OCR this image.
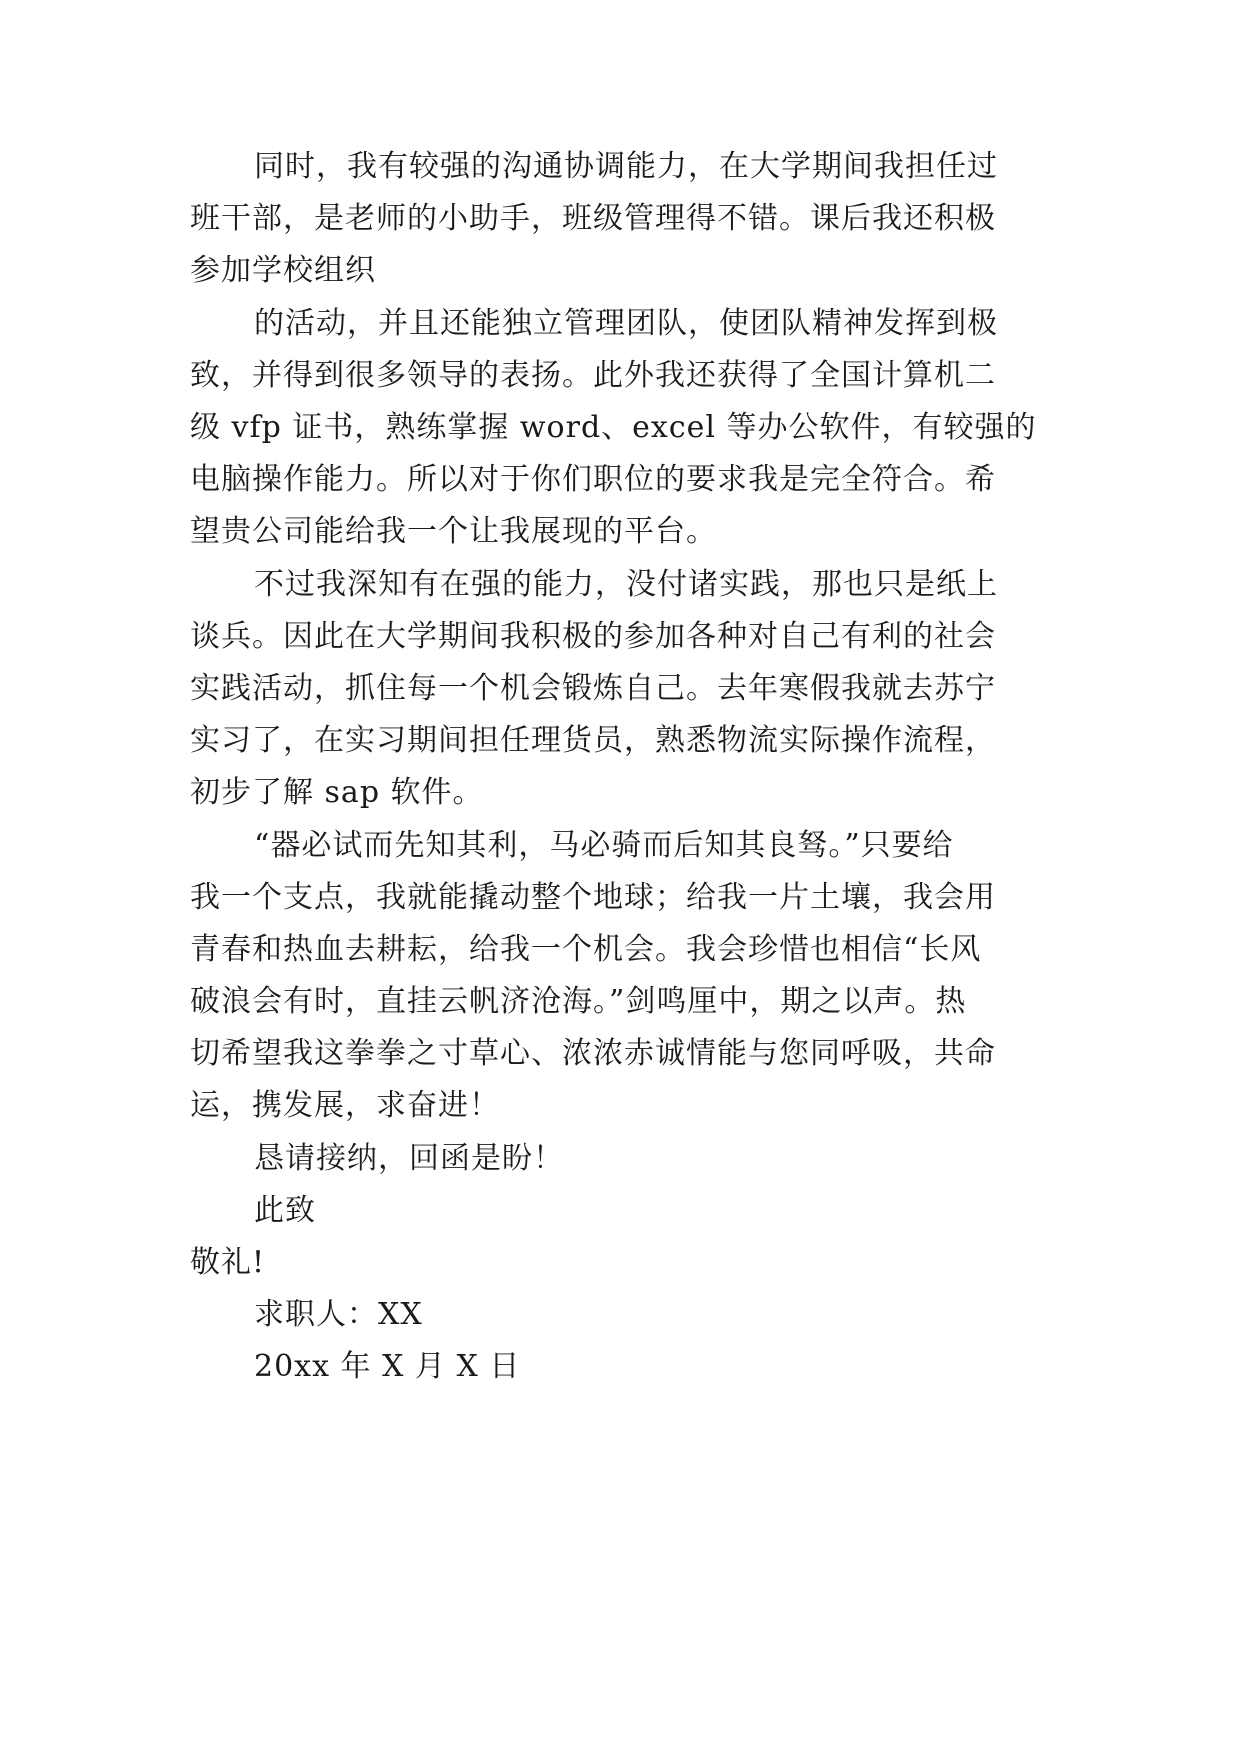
同时，我有较强的沟通协调能力，在大学期间我担任过
班干部，是老师的小助手，班级管理得不错。课后我还积极
参加学校组织
的活动，并且还能独立管理团队，使团队精神发挥到极
致，并得到很多领导的表扬。此外我还获得了全国计算机二
级 vfp 证书，熟练掌握 word、excel 等办公软件，有较强的
电脑操作能力。所以对于你们职位的要求我是完全符合。希
望贵公司能给我一个让我展现的平台。
不过我深知有在强的能力，没付诸实践，那也只是纸上
谈兵。因此在大学期间我积极的参加各种对自己有利的社会
实践活动，抓住每一个机会锻炼自己。去年寒假我就去苏宁
实习了，在实习期间担任理货员，熟悉物流实际操作流程，
初步了解 sap 软件。
“器必试而先知其利，马必骑而后知其良驽。”只要给
我一个支点，我就能撬动整个地球；给我一片土壤，我会用
青春和热血去耕耘，给我一个机会。我会珍惜也相信“长风
破浪会有时，直挂云帆济沧海。”剑鸣厘中，期之以声。热
切希望我这拳拳之寸草心、浓浓赤诚情能与您同呼吸，共命
运，携发展，求奋进！
恳请接纳，回函是盼！
此致
敬礼!
求职人：XX
20xx 年 X 月 X 日
